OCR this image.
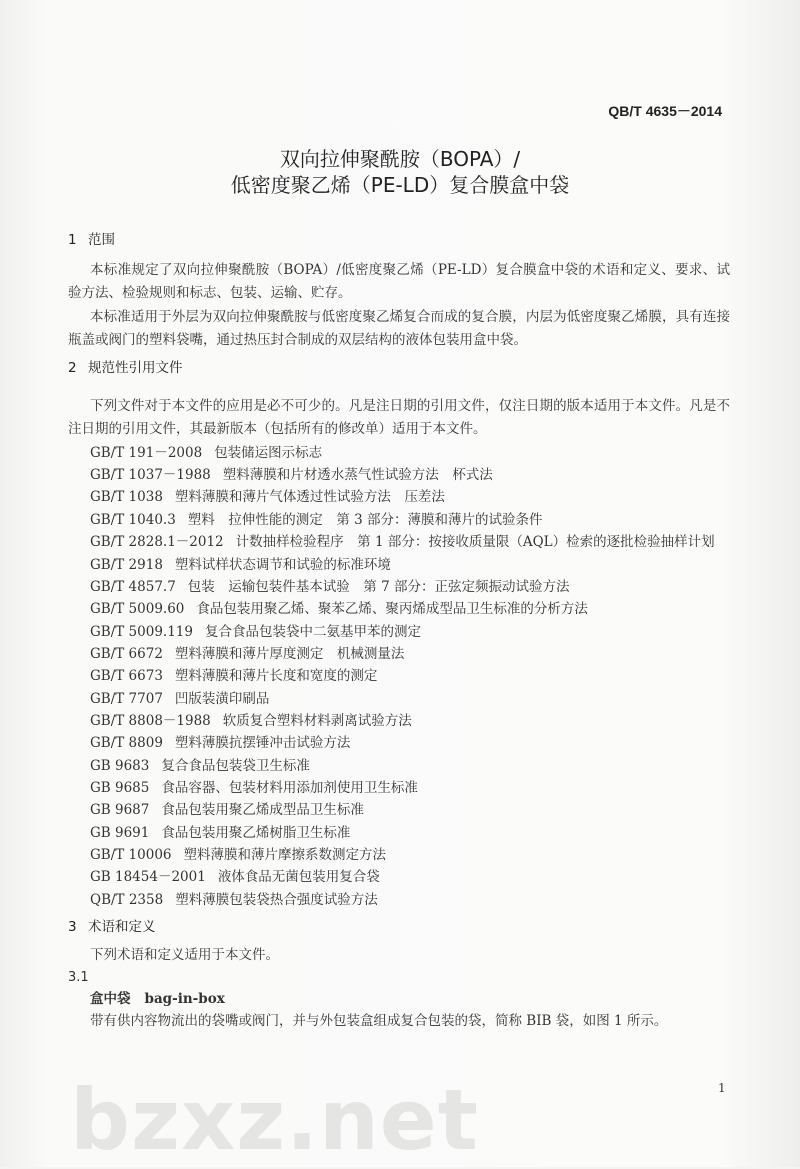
QB/T 4635－2014
双向拉伸聚酰胺（BOPA）/
低密度聚乙烯（PE-LD）复合膜盒中袋
1 范围
本标准规定了双向拉伸聚酰胺（BOPA）/低密度聚乙烯（PE-LD）复合膜盒中袋的术语和定义、要求、试验方法、检验规则和标志、包装、运输、贮存。
本标准适用于外层为双向拉伸聚酰胺与低密度聚乙烯复合而成的复合膜，内层为低密度聚乙烯膜，具有连接瓶盖或阀门的塑料袋嘴，通过热压封合制成的双层结构的液体包装用盒中袋。
2 规范性引用文件
下列文件对于本文件的应用是必不可少的。凡是注日期的引用文件，仅注日期的版本适用于本文件。凡是不注日期的引用文件，其最新版本（包括所有的修改单）适用于本文件。
GB/T 191－2008 包装储运图示标志
GB/T 1037－1988 塑料薄膜和片材透水蒸气性试验方法　杯式法
GB/T 1038 塑料薄膜和薄片气体透过性试验方法　压差法
GB/T 1040.3 塑料　拉伸性能的测定　第 3 部分：薄膜和薄片的试验条件
GB/T 2828.1－2012 计数抽样检验程序　第 1 部分：按接收质量限（AQL）检索的逐批检验抽样计划
GB/T 2918 塑料试样状态调节和试验的标准环境
GB/T 4857.7 包装　运输包装件基本试验　第 7 部分：正弦定频振动试验方法
GB/T 5009.60 食品包装用聚乙烯、聚苯乙烯、聚丙烯成型品卫生标准的分析方法
GB/T 5009.119 复合食品包装袋中二氨基甲苯的测定
GB/T 6672 塑料薄膜和薄片厚度测定　机械测量法
GB/T 6673 塑料薄膜和薄片长度和宽度的测定
GB/T 7707 凹版装潢印刷品
GB/T 8808－1988 软质复合塑料材料剥离试验方法
GB/T 8809 塑料薄膜抗摆锤冲击试验方法
GB 9683 复合食品包装袋卫生标准
GB 9685 食品容器、包装材料用添加剂使用卫生标准
GB 9687 食品包装用聚乙烯成型品卫生标准
GB 9691 食品包装用聚乙烯树脂卫生标准
GB/T 10006 塑料薄膜和薄片摩擦系数测定方法
GB 18454－2001 液体食品无菌包装用复合袋
QB/T 2358 塑料薄膜包装袋热合强度试验方法
3 术语和定义
下列术语和定义适用于本文件。
3.1
盒中袋 bag-in-box
带有供内容物流出的袋嘴或阀门，并与外包装盒组成复合包装的袋，简称 BIB 袋，如图 1 所示。
bzxz.net	1
